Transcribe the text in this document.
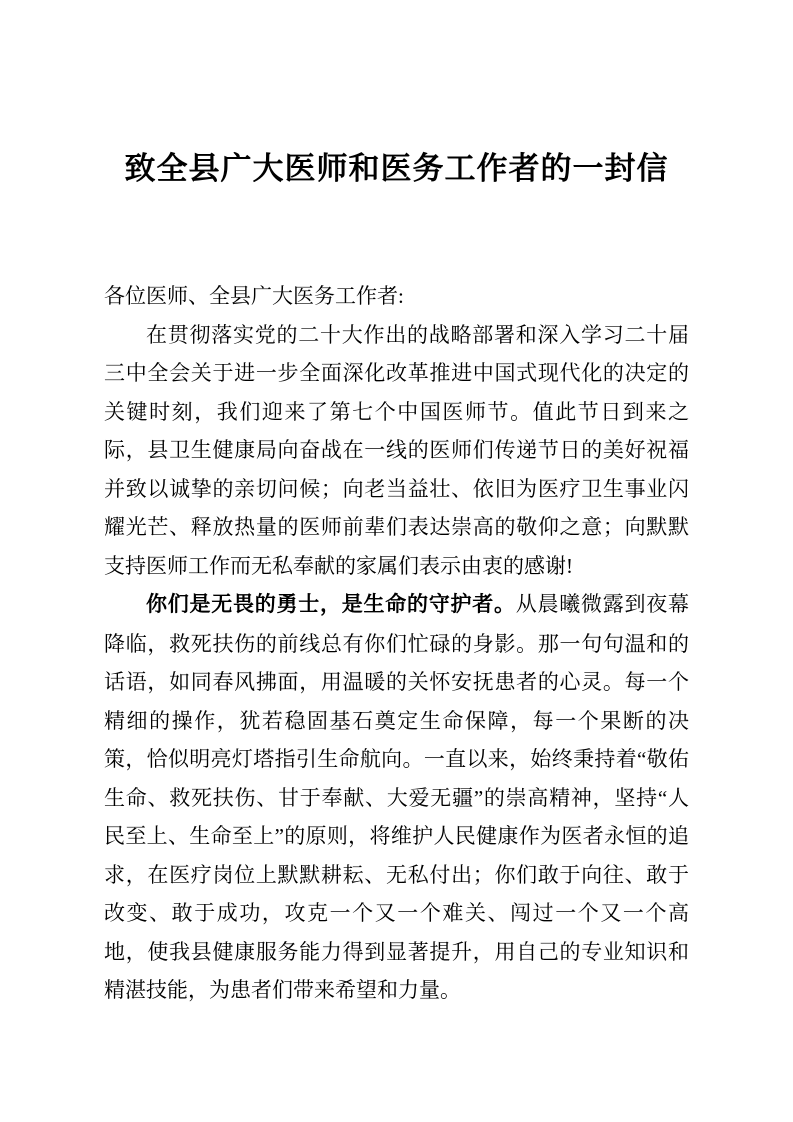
致全县广大医师和医务工作者的一封信

各位医师、全县广大医务工作者:

在贯彻落实党的二十大作出的战略部署和深入学习二十届三中全会关于进一步全面深化改革推进中国式现代化的决定的关键时刻，我们迎来了第七个中国医师节。值此节日到来之际，县卫生健康局向奋战在一线的医师们传递节日的美好祝福并致以诚挚的亲切问候；向老当益壮、依旧为医疗卫生事业闪耀光芒、释放热量的医师前辈们表达崇高的敬仰之意；向默默支持医师工作而无私奉献的家属们表示由衷的感谢!

你们是无畏的勇士，是生命的守护者。从晨曦微露到夜幕降临，救死扶伤的前线总有你们忙碌的身影。那一句句温和的话语，如同春风拂面，用温暖的关怀安抚患者的心灵。每一个精细的操作，犹若稳固基石奠定生命保障，每一个果断的决策，恰似明亮灯塔指引生命航向。一直以来，始终秉持着“敬佑生命、救死扶伤、甘于奉献、大爱无疆”的崇高精神，坚持“人民至上、生命至上”的原则，将维护人民健康作为医者永恒的追求，在医疗岗位上默默耕耘、无私付出；你们敢于向往、敢于改变、敢于成功，攻克一个又一个难关、闯过一个又一个高地，使我县健康服务能力得到显著提升，用自己的专业知识和精湛技能，为患者们带来希望和力量。
